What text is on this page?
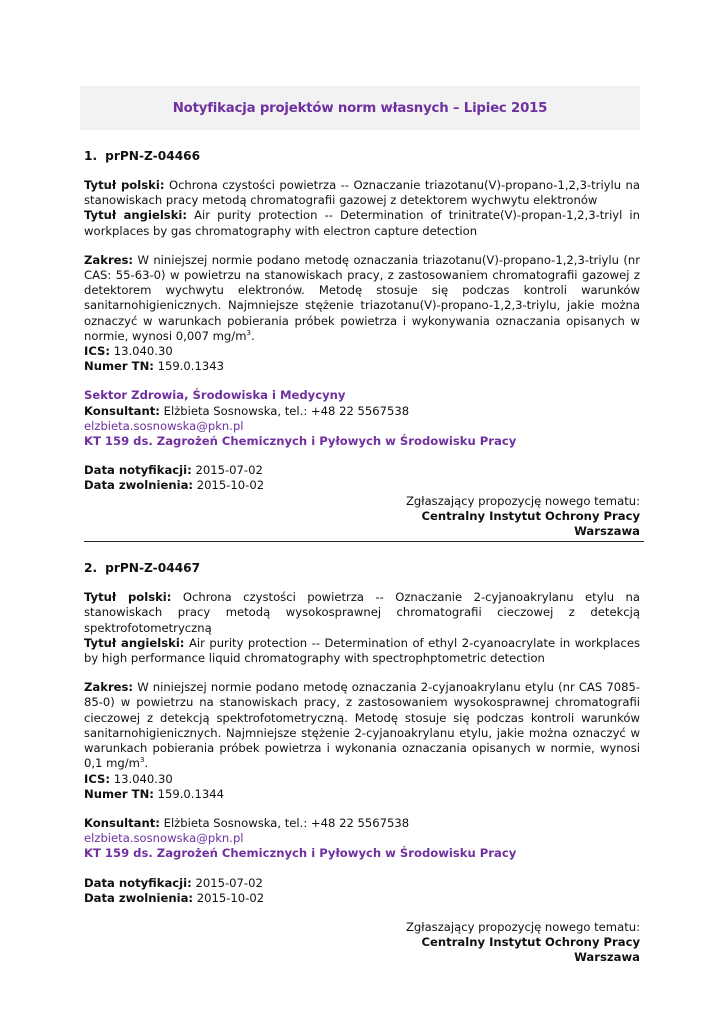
Notyfikacja projektów norm własnych – Lipiec 2015
1. prPN-Z-04466

Tytuł polski: Ochrona czystości powietrza -- Oznaczanie triazotanu(V)-propano-1,2,3-triylu na stanowiskach pracy metodą chromatografii gazowej z detektorem wychwytu elektronów

Tytuł angielski: Air purity protection -- Determination of trinitrate(V)-propan-1,2,3-triyl in workplaces by gas chromatography with electron capture detection

Zakres: W niniejszej normie podano metodę oznaczania triazotanu(V)-propano-1,2,3-triylu (nr CAS: 55-63-0) w powietrzu na stanowiskach pracy, z zastosowaniem chromatografii gazowej z detektorem wychwytu elektronów. Metodę stosuje się podczas kontroli warunków sanitarnohigienicznych. Najmniejsze stężenie triazotanu(V)-propano-1,2,3-triylu, jakie można oznaczyć w warunkach pobierania próbek powietrza i wykonywania oznaczania opisanych w normie, wynosi 0,007 $mg/m^3$.

ICS: 13.040.30

Numer TN: 159.0.1343

Sektor Zdrowia, Środowiska i Medycyny

Konsultant: Elżbieta Sosnowska, tel.: +48 22 5567538

elzbieta.sosnowska@pkn.pl
KT 159 ds. Zagrożeń Chemicznych i Pyłowych w Środowisku Pracy

Data notyfikacji: 2015-07-02

Data zwolnienia: 2015-10-02

Zgłaszający propozycję nowego tematu:
Centralny Instytut Ochrony Pracy
Warszawa
2. prPN-Z-04467

Tytuł polski: Ochrona czystości powietrza -- Oznaczanie 2-cyjanoakrylanu etylu na stanowiskach pracy metodą wysokosprawnej chromatografii cieczowej z detekcją spektrofotometryczną

Tytuł angielski: Air purity protection -- Determination of ethyl 2-cyanoacrylate in workplaces by high performance liquid chromatography with spectrophptometric detection

Zakres: W niniejszej normie podano metodę oznaczania 2-cyjanoakrylanu etylu (nr CAS 7085-85-0) w powietrzu na stanowiskach pracy, z zastosowaniem wysokosprawnej chromatografii cieczowej z detekcją spektrofotometryczną. Metodę stosuje się podczas kontroli warunków sanitarnohigienicznych. Najmniejsze stężenie 2-cyjanoakrylanu etylu, jakie można oznaczyć w warunkach pobierania próbek powietrza i wykonania oznaczania opisanych w normie, wynosi 0,1 $mg/m^3$.

ICS: 13.040.30

Numer TN: 159.0.1344

Konsultant: Elżbieta Sosnowska, tel.: +48 22 5567538

elzbieta.sosnowska@pkn.pl
KT 159 ds. Zagrożeń Chemicznych i Pyłowych w Środowisku Pracy

Data notyfikacji: 2015-07-02

Data zwolnienia: 2015-10-02

Zgłaszający propozycję nowego tematu:
Centralny Instytut Ochrony Pracy
Warszawa
